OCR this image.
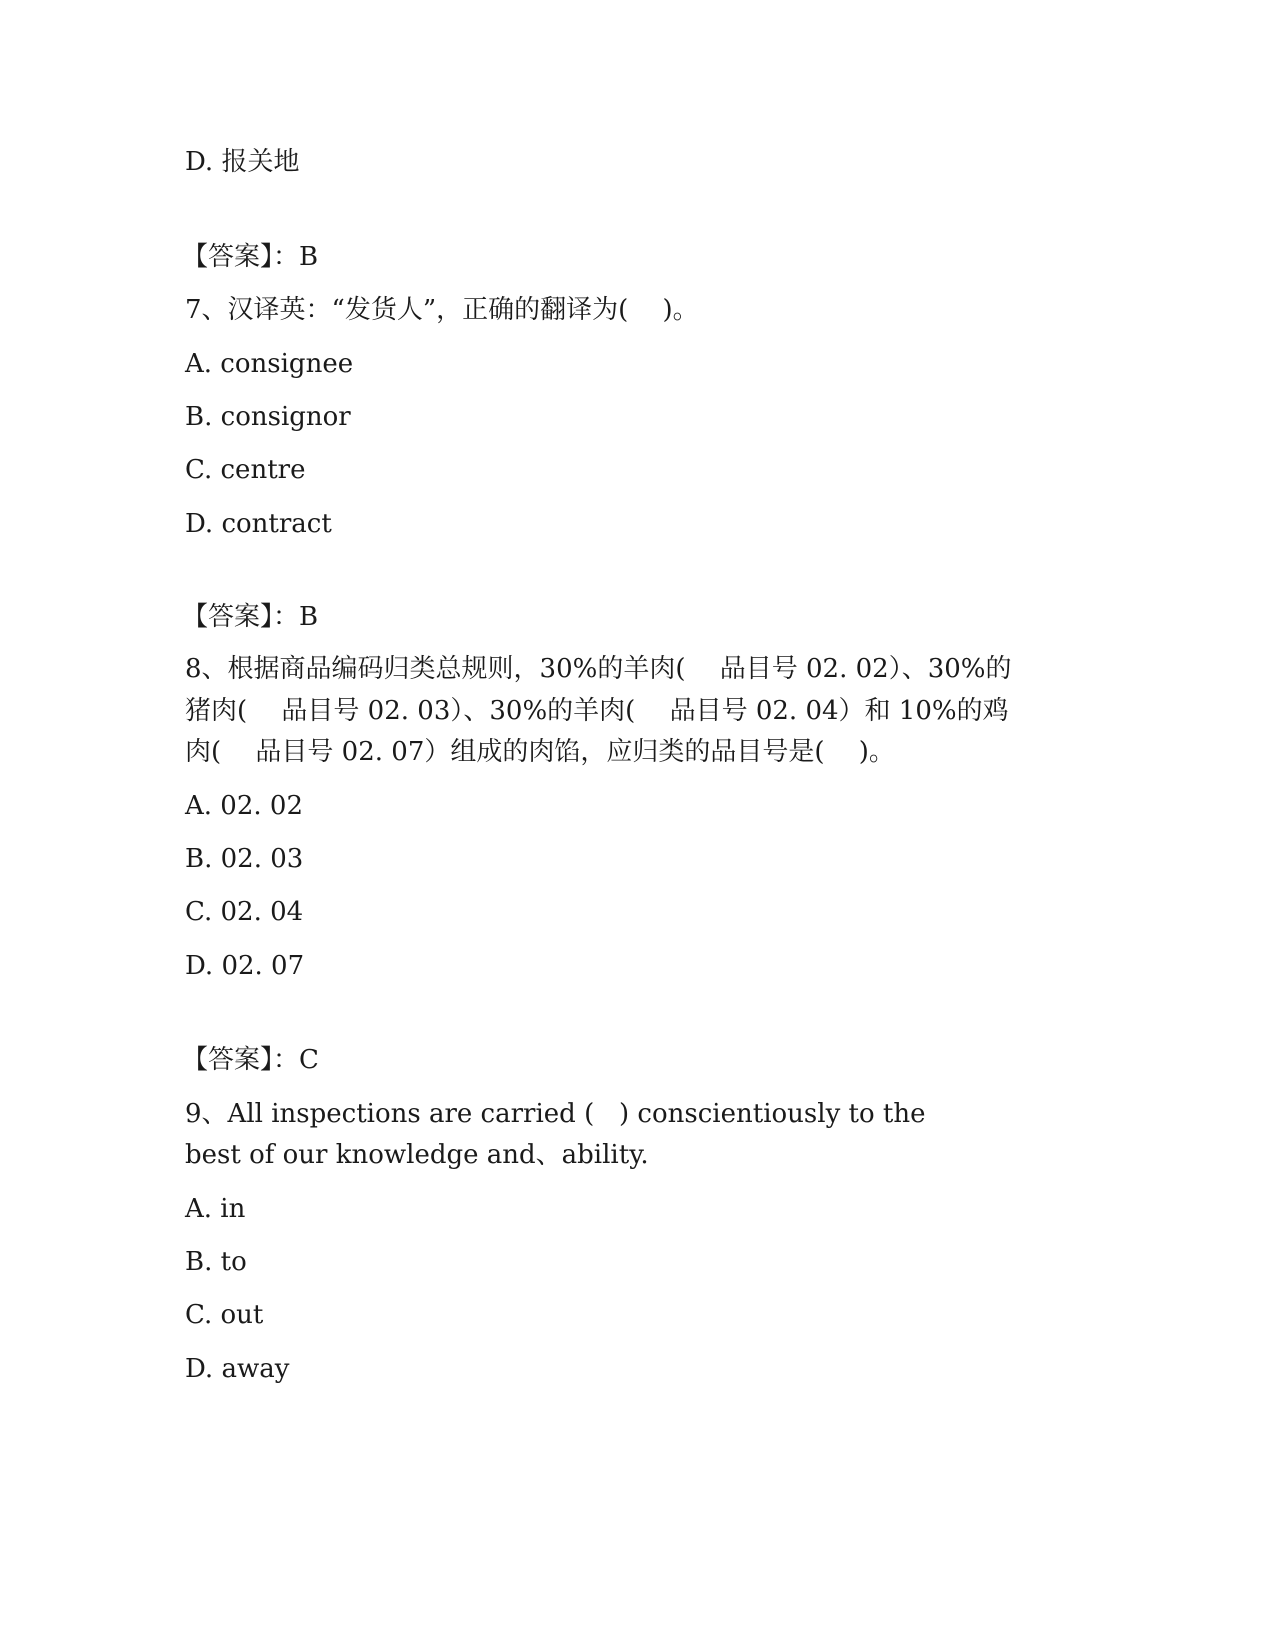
D. 报关地

【答案】：B

7、汉译英：“发货人”，正确的翻译为(　 )。

A. consignee

B. consignor

C. centre

D. contract

【答案】：B

8、根据商品编码归类总规则，30%的羊肉(　 品目号 02. 02）、30%的

猪肉(　 品目号 02. 03）、30%的羊肉(　 品目号 02. 04）和 10%的鸡

肉(　 品目号 02. 07）组成的肉馅，应归类的品目号是(　 )。

A. 02. 02

B. 02. 03

C. 02. 04

D. 02. 07

【答案】：C

9、All inspections are carried (   ) conscientiously to the

best of our knowledge and、ability.

A. in

B. to

C. out

D. away
